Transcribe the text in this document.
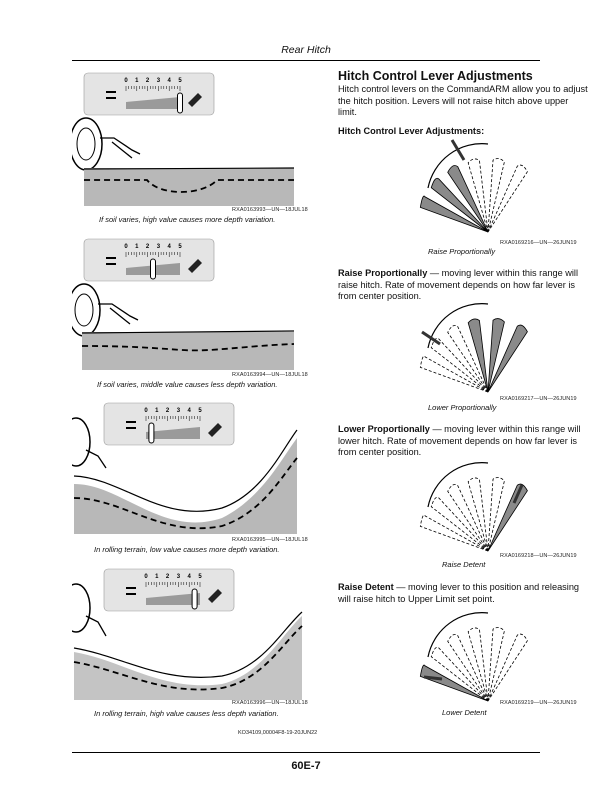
Rear Hitch
0 1 2 3 4 5
RXA0163993—UN—18JUL18
If soil varies, high value causes more depth variation.
0 1 2 3 4 5
RXA0163994—UN—18JUL18
If soil varies, middle value causes less depth variation.
0 1 2 3 4 5
RXA0163995—UN—18JUL18
In rolling terrain, low value causes more depth variation.
0 1 2 3 4 5
RXA0163996—UN—18JUL18
In rolling terrain, high value causes less depth variation.
KO34109,00004F8-19-20JUN22
Hitch Control Lever Adjustments

Hitch control levers on the CommandARM allow you to adjust the hitch position. Levers will not raise hitch above upper limit.

Hitch Control Lever Adjustments:
RXA0169216—UN—26JUN19
Raise Proportionally

Raise Proportionally — moving lever within this range will raise hitch. Rate of movement depends on how far lever is from center position.

RXA0169217—UN—26JUN19
Lower Proportionally

Lower Proportionally — moving lever within this range will lower hitch. Rate of movement depends on how far lever is from center position.

RXA0169218—UN—26JUN19
Raise Detent

Raise Detent — moving lever to this position and releasing will raise hitch to Upper Limit set point.

RXA0169219—UN—26JUN19
Lower Detent
60E-7
